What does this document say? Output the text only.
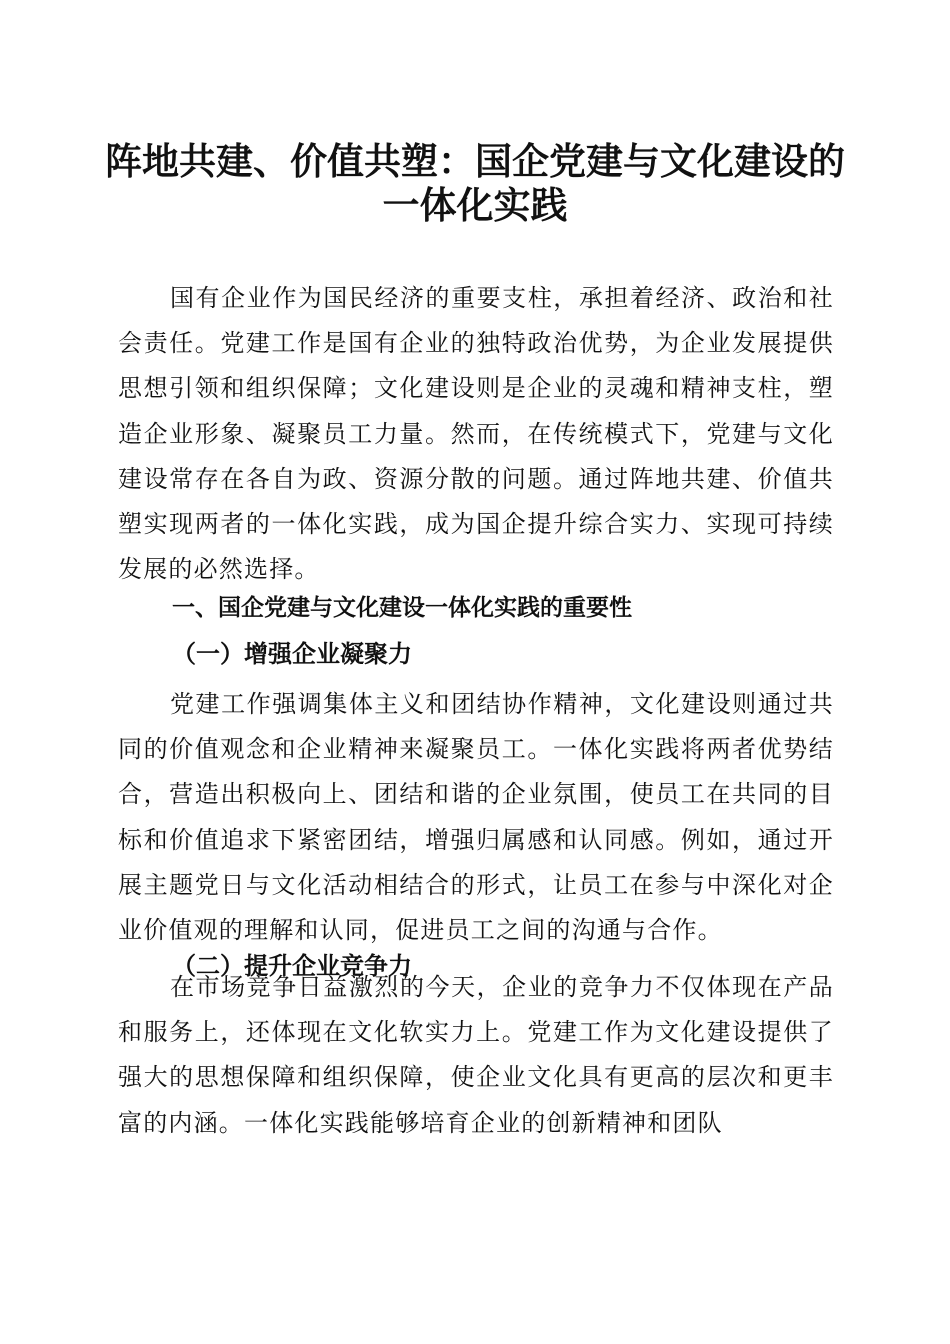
阵地共建、价值共塑：国企党建与文化建设的
一体化实践

国有企业作为国民经济的重要支柱，承担着经济、政治和社会责任。党建工作是国有企业的独特政治优势，为企业发展提供思想引领和组织保障；文化建设则是企业的灵魂和精神支柱，塑造企业形象、凝聚员工力量。然而，在传统模式下，党建与文化建设常存在各自为政、资源分散的问题。通过阵地共建、价值共塑实现两者的一体化实践，成为国企提升综合实力、实现可持续发展的必然选择。

一、国企党建与文化建设一体化实践的重要性
（一）增强企业凝聚力

党建工作强调集体主义和团结协作精神，文化建设则通过共同的价值观念和企业精神来凝聚员工。一体化实践将两者优势结合，营造出积极向上、团结和谐的企业氛围，使员工在共同的目标和价值追求下紧密团结，增强归属感和认同感。例如，通过开展主题党日与文化活动相结合的形式，让员工在参与中深化对企业价值观的理解和认同，促进员工之间的沟通与合作。

（二）提升企业竞争力

在市场竞争日益激烈的今天，企业的竞争力不仅体现在产品和服务上，还体现在文化软实力上。党建工作为文化建设提供了强大的思想保障和组织保障，使企业文化具有更高的层次和更丰富的内涵。一体化实践能够培育企业的创新精神和团队
